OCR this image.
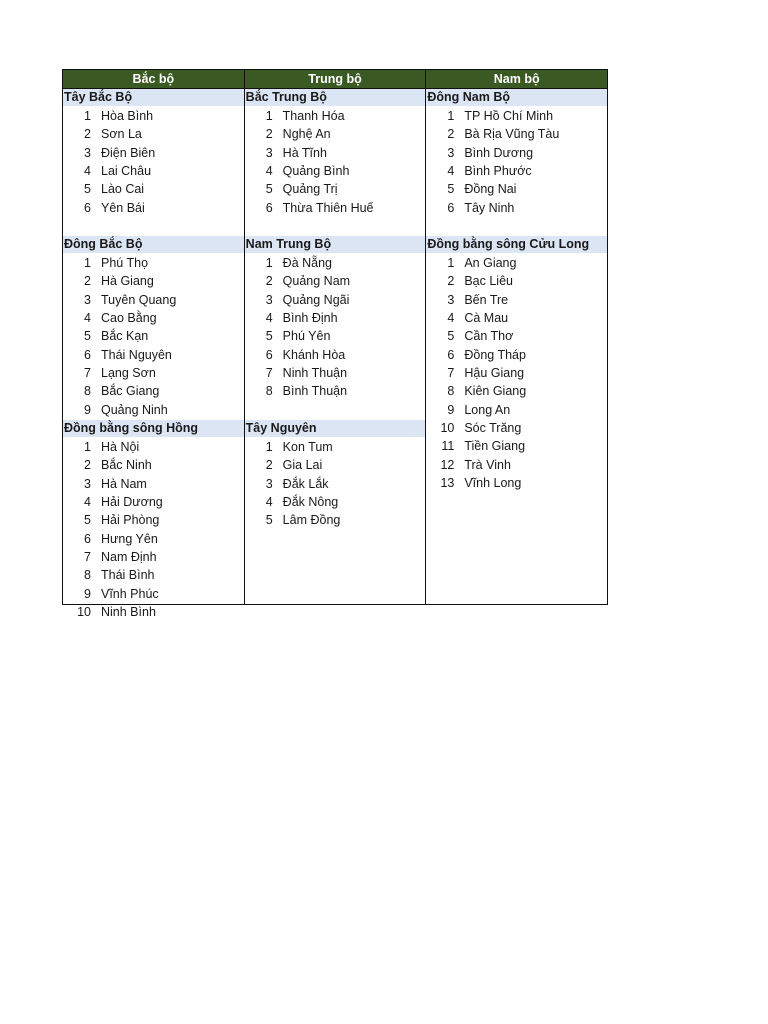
Bắc bộ	Trung bộ	Nam bộ
Tây Bắc Bộ
1 Hòa Bình
2 Sơn La
3 Điện Biên
4 Lai Châu
5 Lào Cai
6 Yên Bái
Đông Bắc Bộ
1 Phú Thọ
2 Hà Giang
3 Tuyên Quang
4 Cao Bằng
5 Bắc Kạn
6 Thái Nguyên
7 Lạng Sơn
8 Bắc Giang
9 Quảng Ninh
Đồng bằng sông Hồng
1 Hà Nội
2 Bắc Ninh
3 Hà Nam
4 Hải Dương
5 Hải Phòng
6 Hưng Yên
7 Nam Định
8 Thái Bình
9 Vĩnh Phúc
10 Ninh Bình
Bắc Trung Bộ
1 Thanh Hóa
2 Nghệ An
3 Hà Tĩnh
4 Quảng Bình
5 Quảng Trị
6 Thừa Thiên Huế
Nam Trung Bộ
1 Đà Nẵng
2 Quảng Nam
3 Quảng Ngãi
4 Bình Định
5 Phú Yên
6 Khánh Hòa
7 Ninh Thuận
8 Bình Thuận
Tây Nguyên
1 Kon Tum
2 Gia Lai
3 Đắk Lắk
4 Đắk Nông
5 Lâm Đồng
Đông Nam Bộ
1 TP Hồ Chí Minh
2 Bà Rịa Vũng Tàu
3 Bình Dương
4 Bình Phước
5 Đồng Nai
6 Tây Ninh
Đồng bằng sông Cửu Long
1 An Giang
2 Bạc Liêu
3 Bến Tre
4 Cà Mau
5 Cần Thơ
6 Đồng Tháp
7 Hậu Giang
8 Kiên Giang
9 Long An
10 Sóc Trăng
11 Tiền Giang
12 Trà Vinh
13 Vĩnh Long
